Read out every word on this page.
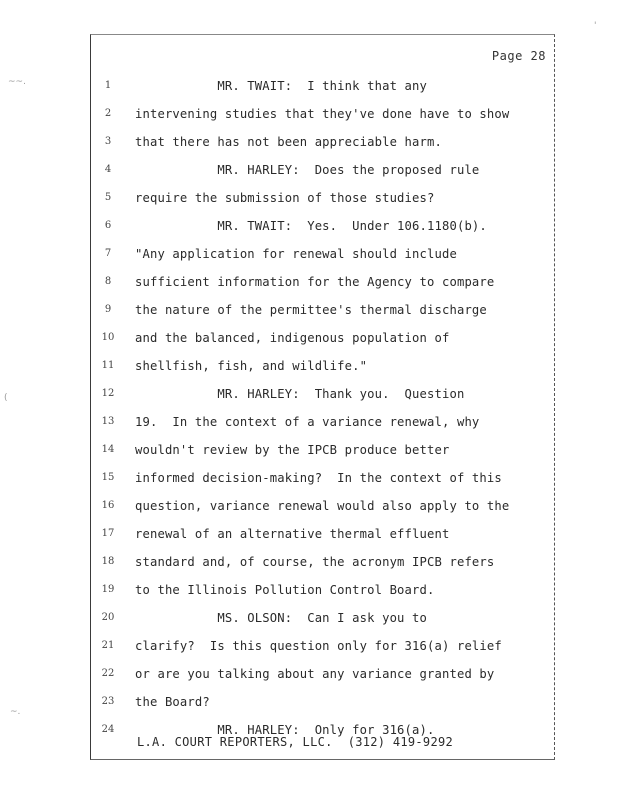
~~.
(
~.
'
Page 28
1
2
3
4
5
6
7
8
9
10
11
12
13
14
15
16
17
18
19
20
21
22
23
24
MR. TWAIT:  I think that any
intervening studies that they've done have to show
that there has not been appreciable harm.
MR. HARLEY:  Does the proposed rule
require the submission of those studies?
MR. TWAIT:  Yes.  Under 106.1180(b).
"Any application for renewal should include
sufficient information for the Agency to compare
the nature of the permittee's thermal discharge
and the balanced, indigenous population of
shellfish, fish, and wildlife."
MR. HARLEY:  Thank you.  Question
19.  In the context of a variance renewal, why
wouldn't review by the IPCB produce better
informed decision-making?  In the context of this
question, variance renewal would also apply to the
renewal of an alternative thermal effluent
standard and, of course, the acronym IPCB refers
to the Illinois Pollution Control Board.
MS. OLSON:  Can I ask you to
clarify?  Is this question only for 316(a) relief
or are you talking about any variance granted by
the Board?
MR. HARLEY:  Only for 316(a).
L.A. COURT REPORTERS, LLC.  (312) 419-9292
